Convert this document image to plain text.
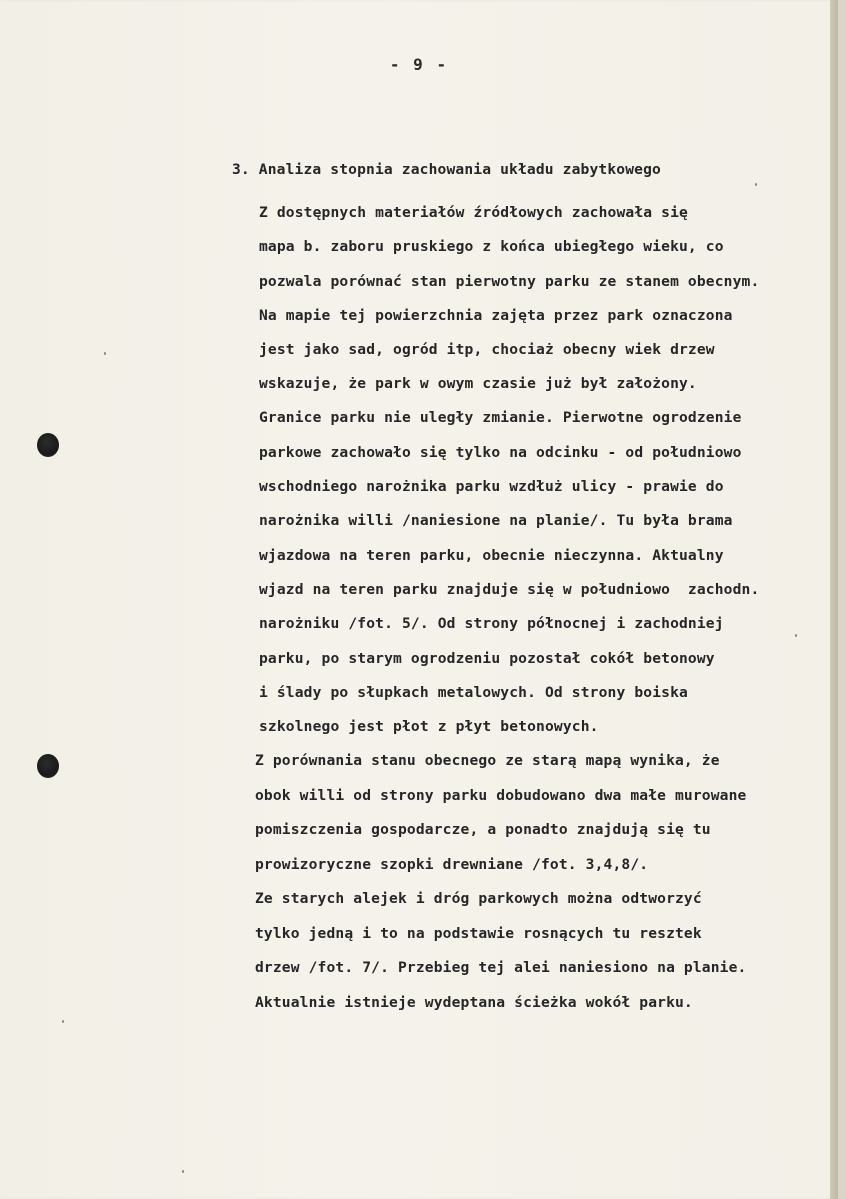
- 9 -
3. Analiza stopnia zachowania układu zabytkowego
Z dostępnych materiałów źródłowych zachowała się
mapa b. zaboru pruskiego z końca ubiegłego wieku, co
pozwala porównać stan pierwotny parku ze stanem obecnym.
Na mapie tej powierzchnia zajęta przez park oznaczona
jest jako sad, ogród itp, chociaż obecny wiek drzew
wskazuje, że park w owym czasie już był założony.
Granice parku nie uległy zmianie. Pierwotne ogrodzenie
parkowe zachowało się tylko na odcinku - od południowo
wschodniego narożnika parku wzdłuż ulicy - prawie do
narożnika willi /naniesione na planie/. Tu była brama
wjazdowa na teren parku, obecnie nieczynna. Aktualny
wjazd na teren parku znajduje się w południowo  zachodn.
narożniku /fot. 5/. Od strony północnej i zachodniej
parku, po starym ogrodzeniu pozostał cokół betonowy
i ślady po słupkach metalowych. Od strony boiska
szkolnego jest płot z płyt betonowych.
Z porównania stanu obecnego ze starą mapą wynika, że
obok willi od strony parku dobudowano dwa małe murowane
pomiszczenia gospodarcze, a ponadto znajdują się tu
prowizoryczne szopki drewniane /fot. 3,4,8/.
Ze starych alejek i dróg parkowych można odtworzyć
tylko jedną i to na podstawie rosnących tu resztek
drzew /fot. 7/. Przebieg tej alei naniesiono na planie.
Aktualnie istnieje wydeptana ścieżka wokół parku.
